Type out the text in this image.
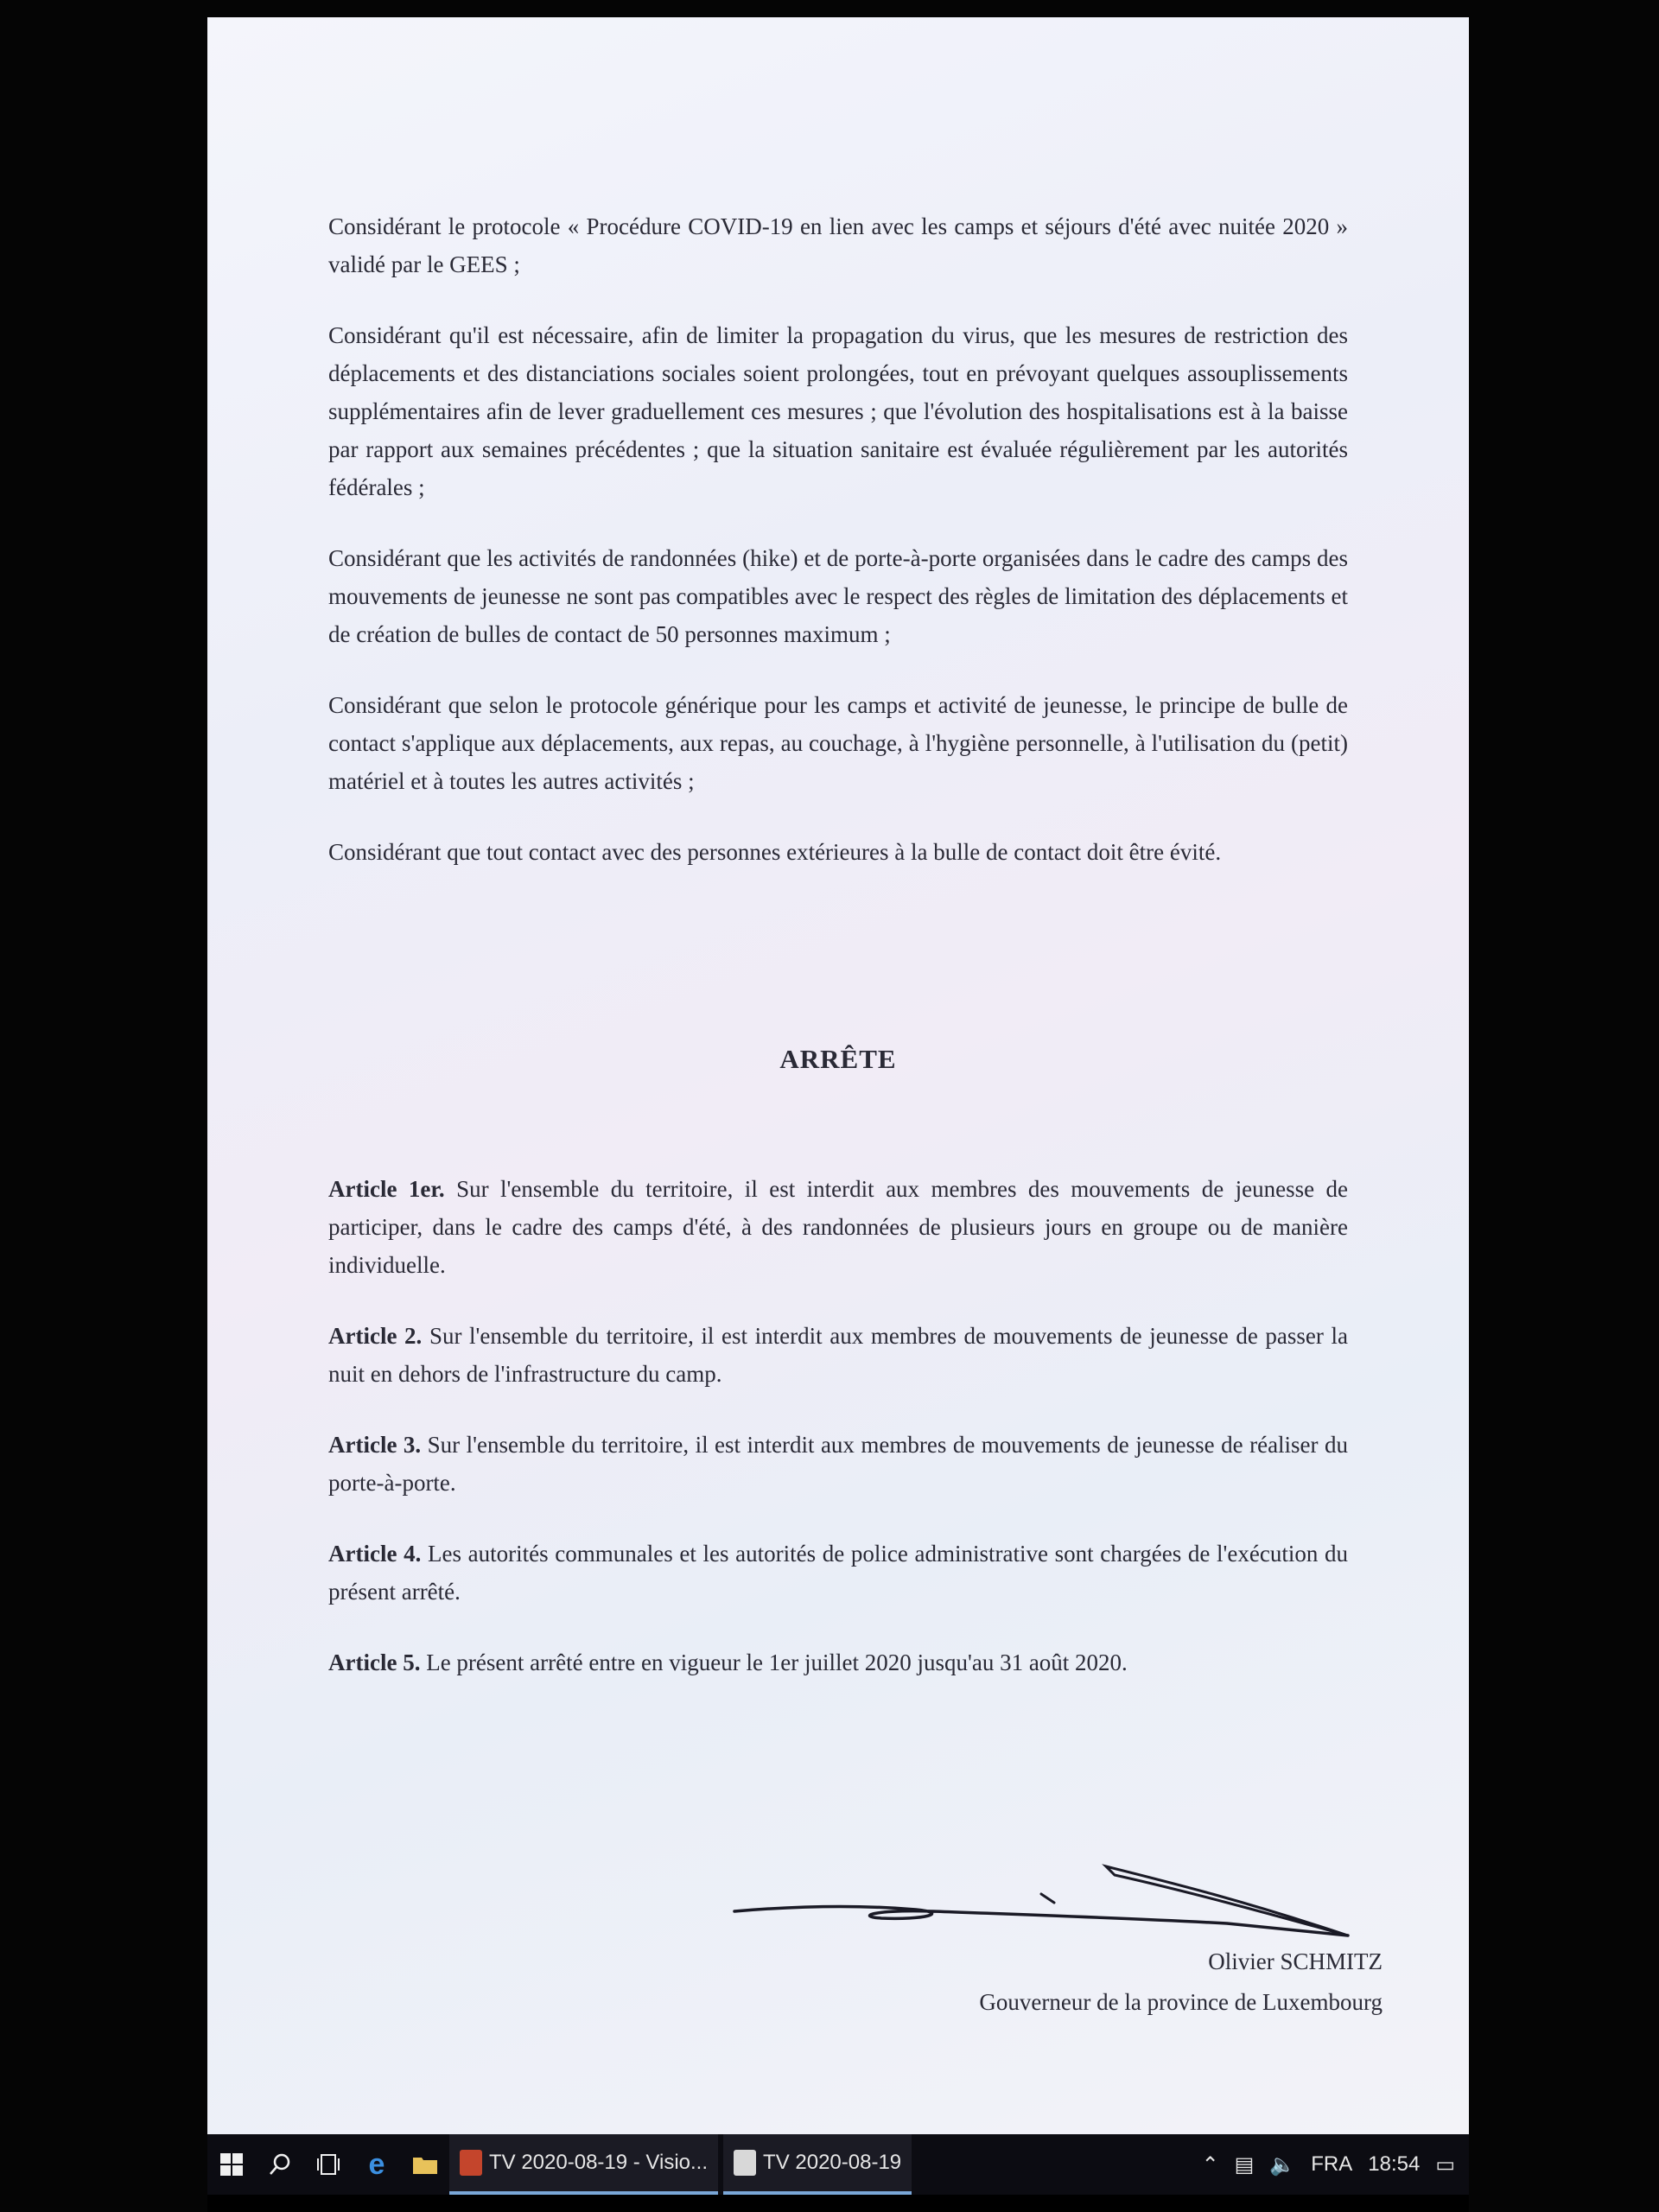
Considérant le protocole « Procédure COVID-19 en lien avec les camps et séjours d'été avec nuitée 2020 » validé par le GEES ;

Considérant qu'il est nécessaire, afin de limiter la propagation du virus, que les mesures de restriction des déplacements et des distanciations sociales soient prolongées, tout en prévoyant quelques assouplissements supplémentaires afin de lever graduellement ces mesures ; que l'évolution des hospitalisations est à la baisse par rapport aux semaines précédentes ; que la situation sanitaire est évaluée régulièrement par les autorités fédérales ;

Considérant que les activités de randonnées (hike) et de porte-à-porte organisées dans le cadre des camps des mouvements de jeunesse ne sont pas compatibles avec le respect des règles de limitation des déplacements et de création de bulles de contact de 50 personnes maximum ;

Considérant que selon le protocole générique pour les camps et activité de jeunesse, le principe de bulle de contact s'applique aux déplacements, aux repas, au couchage, à l'hygiène personnelle, à l'utilisation du (petit) matériel et à toutes les autres activités ;

Considérant que tout contact avec des personnes extérieures à la bulle de contact doit être évité.

ARRÊTE

Article 1er. Sur l'ensemble du territoire, il est interdit aux membres des mouvements de jeunesse de participer, dans le cadre des camps d'été, à des randonnées de plusieurs jours en groupe ou de manière individuelle.

Article 2. Sur l'ensemble du territoire, il est interdit aux membres de mouvements de jeunesse de passer la nuit en dehors de l'infrastructure du camp.

Article 3. Sur l'ensemble du territoire, il est interdit aux membres de mouvements de jeunesse de réaliser du porte-à-porte.

Article 4. Les autorités communales et les autorités de police administrative sont chargées de l'exécution du présent arrêté.

Article 5. Le présent arrêté entre en vigueur le 1er juillet 2020 jusqu'au 31 août 2020.

Olivier SCHMITZ
Gouverneur de la province de Luxembourg
e	TV 2020-08-19 - Visio...	TV 2020-08-19	⌃ ▤ 🔈 FRA 18:54 ▭
